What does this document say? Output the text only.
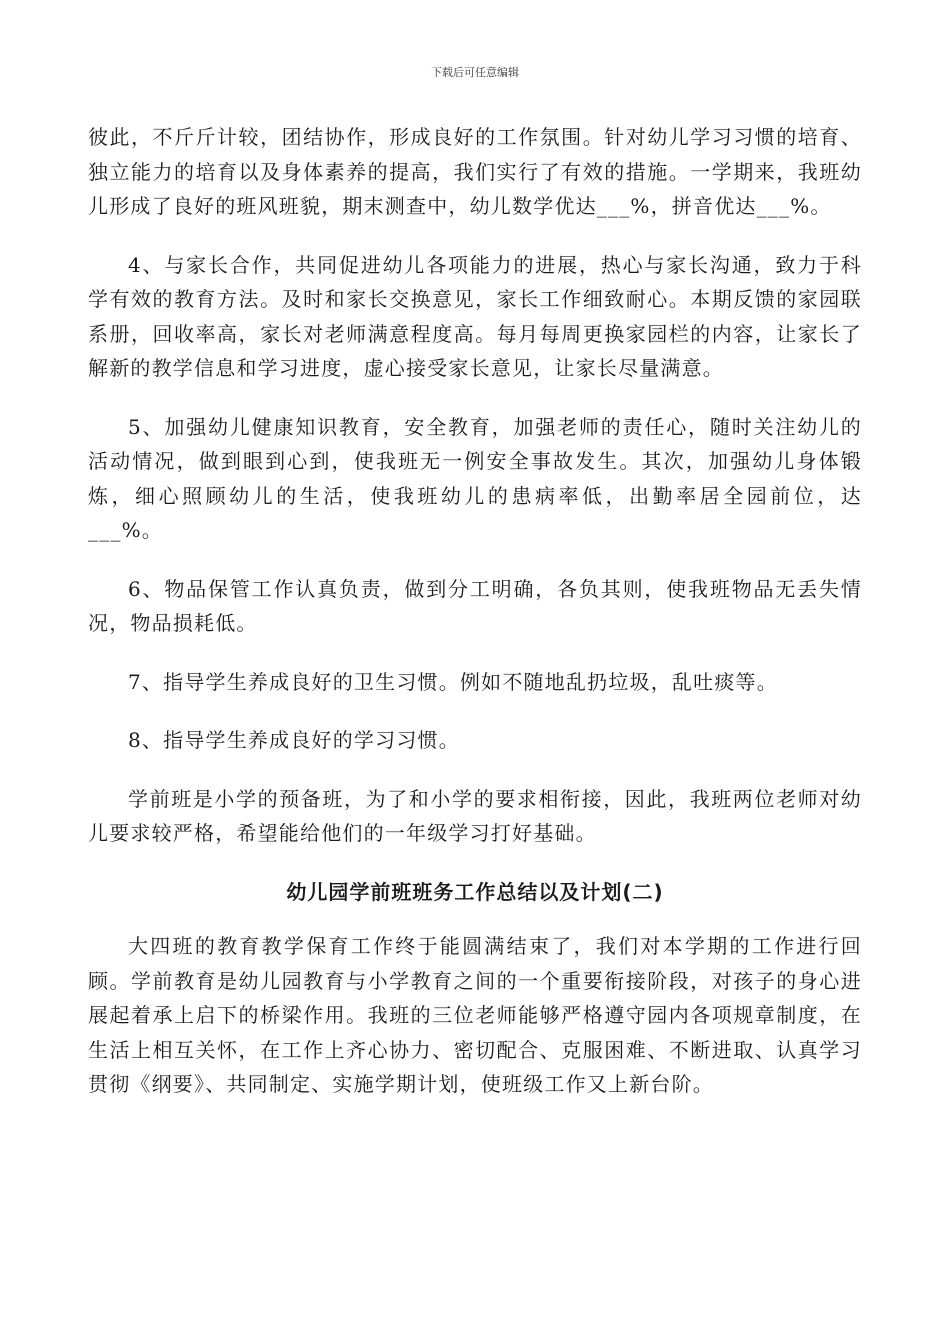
下载后可任意编辑

彼此，不斤斤计较，团结协作，形成良好的工作氛围。针对幼儿学习习惯的培育、独立能力的培育以及身体素养的提高，我们实行了有效的措施。一学期来，我班幼儿形成了良好的班风班貌，期末测查中，幼儿数学优达___%，拼音优达___%。

4、与家长合作，共同促进幼儿各项能力的进展，热心与家长沟通，致力于科学有效的教育方法。及时和家长交换意见，家长工作细致耐心。本期反馈的家园联系册，回收率高，家长对老师满意程度高。每月每周更换家园栏的内容，让家长了解新的教学信息和学习进度，虚心接受家长意见，让家长尽量满意。

5、加强幼儿健康知识教育，安全教育，加强老师的责任心，随时关注幼儿的活动情况，做到眼到心到，使我班无一例安全事故发生。其次，加强幼儿身体锻炼，细心照顾幼儿的生活，使我班幼儿的患病率低，出勤率居全园前位，达___%。

6、物品保管工作认真负责，做到分工明确，各负其则，使我班物品无丢失情况，物品损耗低。

7、指导学生养成良好的卫生习惯。例如不随地乱扔垃圾，乱吐痰等。

8、指导学生养成良好的学习习惯。

学前班是小学的预备班，为了和小学的要求相衔接，因此，我班两位老师对幼儿要求较严格，希望能给他们的一年级学习打好基础。

幼儿园学前班班务工作总结以及计划(二)

大四班的教育教学保育工作终于能圆满结束了，我们对本学期的工作进行回顾。学前教育是幼儿园教育与小学教育之间的一个重要衔接阶段，对孩子的身心进展起着承上启下的桥梁作用。我班的三位老师能够严格遵守园内各项规章制度，在生活上相互关怀，在工作上齐心协力、密切配合、克服困难、不断进取、认真学习贯彻《纲要》、共同制定、实施学期计划，使班级工作又上新台阶。
